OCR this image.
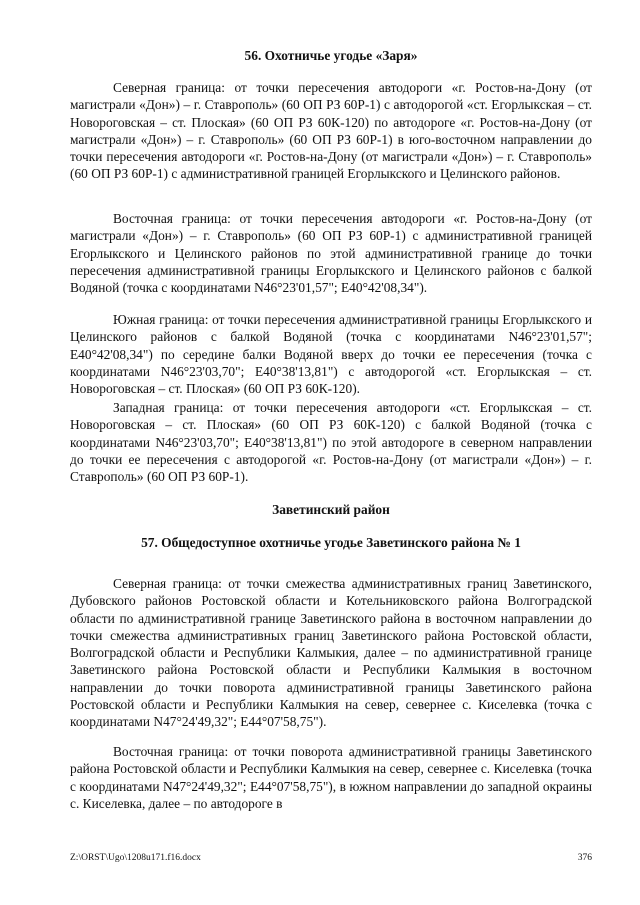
56. Охотничье угодье «Заря»

Северная граница: от точки пересечения автодороги «г. Ростов-на-Дону (от магистрали «Дон») – г. Ставрополь» (60 ОП РЗ 60Р-1) с автодорогой «ст. Егорлыкская – ст. Новороговская – ст. Плоская» (60 ОП РЗ 60К-120) по автодороге «г. Ростов-на-Дону (от магистрали «Дон») – г. Ставрополь» (60 ОП РЗ 60Р-1) в юго-восточном направлении до точки пересечения автодороги «г. Ростов-на-Дону (от магистрали «Дон») – г. Ставрополь» (60 ОП РЗ 60Р-1) с административной границей Егорлыкского и Целинского районов.

Восточная граница: от точки пересечения автодороги «г. Ростов-на-Дону (от магистрали «Дон») – г. Ставрополь» (60 ОП РЗ 60Р-1) с административной границей Егорлыкского и Целинского районов по этой административной границе до точки пересечения административной границы Егорлыкского и Целинского районов с балкой Водяной (точка с координатами N46°23'01,57"; E40°42'08,34").

Южная граница: от точки пересечения административной границы Егорлыкского и Целинского районов с балкой Водяной (точка с координатами N46°23'01,57"; E40°42'08,34") по середине балки Водяной вверх до точки ее пересечения (точка с координатами N46°23'03,70"; E40°38'13,81") с автодорогой «ст. Егорлыкская – ст. Новороговская – ст. Плоская» (60 ОП РЗ 60К-120).

Западная граница: от точки пересечения автодороги «ст. Егорлыкская – ст. Новороговская – ст. Плоская» (60 ОП РЗ 60К-120) с балкой Водяной (точка с координатами N46°23'03,70"; E40°38'13,81") по этой автодороге в северном направлении до точки ее пересечения с автодорогой «г. Ростов-на-Дону (от магистрали «Дон») – г. Ставрополь» (60 ОП РЗ 60Р-1).

Заветинский район
57. Общедоступное охотничье угодье Заветинского района № 1

Северная граница: от точки смежества административных границ Заветинского, Дубовского районов Ростовской области и Котельниковского района Волгоградской области по административной границе Заветинского района в восточном направлении до точки смежества административных границ Заветинского района Ростовской области, Волгоградской области и Республики Калмыкия, далее – по административной границе Заветинского района Ростовской области и Республики Калмыкия в восточном направлении до точки поворота административной границы Заветинского района Ростовской области и Республики Калмыкия на север, севернее с. Киселевка (точка с координатами N47°24'49,32"; E44°07'58,75").

Восточная граница: от точки поворота административной границы Заветинского района Ростовской области и Республики Калмыкия на север, севернее с. Киселевка (точка с координатами N47°24'49,32"; E44°07'58,75"), в южном направлении до западной окраины с. Киселевка, далее – по автодороге в

Z:\ORST\Ugo\1208u171.f16.docx	376
